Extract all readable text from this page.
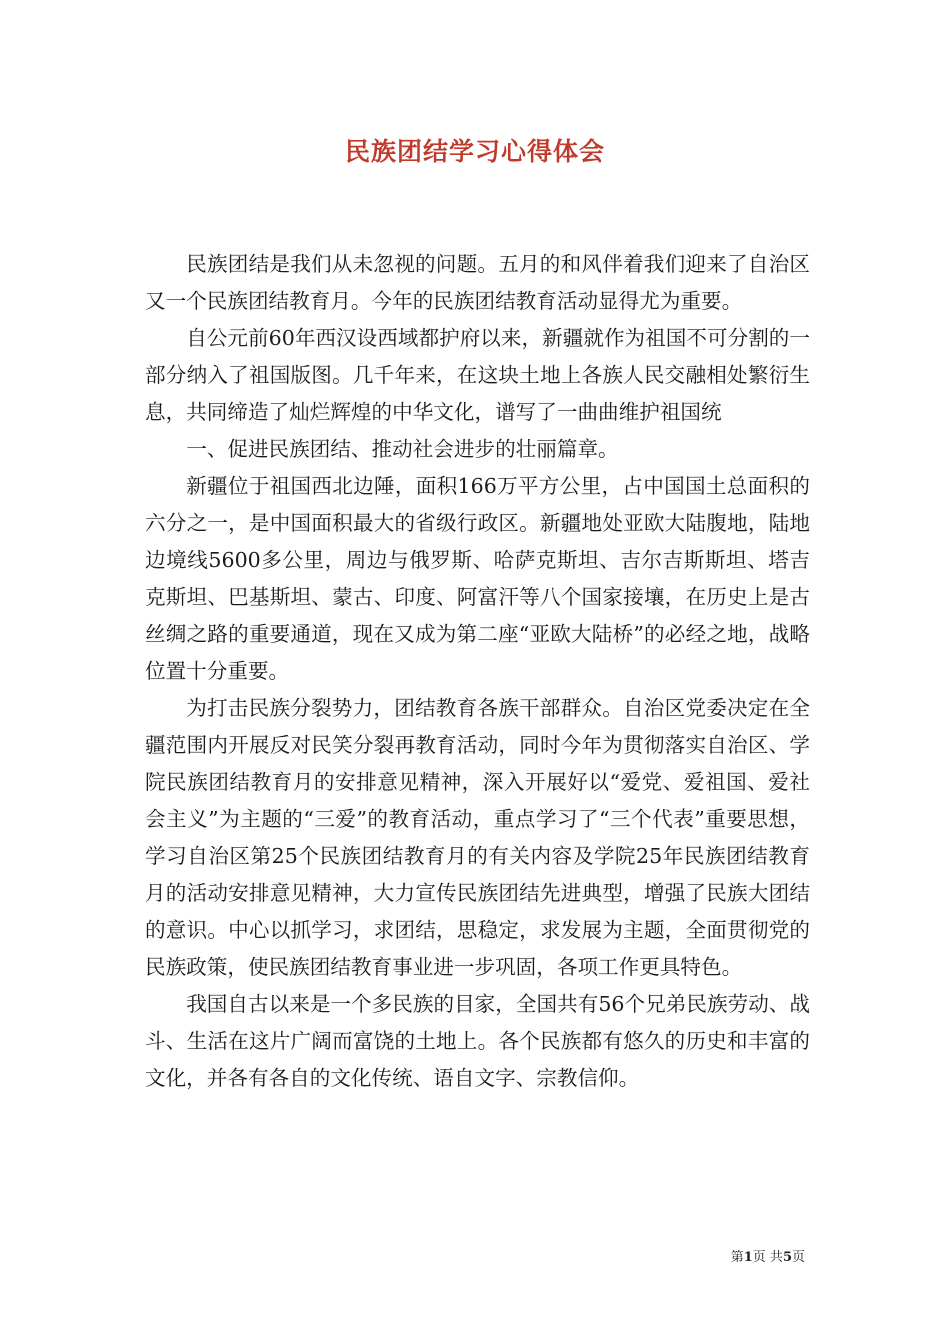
民族团结学习心得体会

民族团结是我们从未忽视的问题。五月的和风伴着我们迎来了自治区又一个民族团结教育月。今年的民族团结教育活动显得尤为重要。

自公元前60年西汉设西域都护府以来，新疆就作为祖国不可分割的一部分纳入了祖国版图。几千年来，在这块土地上各族人民交融相处繁衍生息，共同缔造了灿烂辉煌的中华文化，谱写了一曲曲维护祖国统

一、促进民族团结、推动社会进步的壮丽篇章。

新疆位于祖国西北边陲，面积166万平方公里，占中国国土总面积的六分之一，是中国面积最大的省级行政区。新疆地处亚欧大陆腹地，陆地边境线5600多公里，周边与俄罗斯、哈萨克斯坦、吉尔吉斯斯坦、塔吉克斯坦、巴基斯坦、蒙古、印度、阿富汗等八个国家接壤，在历史上是古丝绸之路的重要通道，现在又成为第二座“亚欧大陆桥”的必经之地，战略位置十分重要。

为打击民族分裂势力，团结教育各族干部群众。自治区党委决定在全疆范围内开展反对民笑分裂再教育活动，同时今年为贯彻落实自治区、学院民族团结教育月的安排意见精神，深入开展好以“爱党、爱祖国、爱社会主义”为主题的“三爱”的教育活动，重点学习了“三个代表”重要思想，学习自治区第25个民族团结教育月的有关内容及学院25年民族团结教育月的活动安排意见精神，大力宣传民族团结先进典型，增强了民族大团结的意识。中心以抓学习，求团结，思稳定，求发展为主题，全面贯彻党的民族政策，使民族团结教育事业进一步巩固，各项工作更具特色。

我国自古以来是一个多民族的目家，全国共有56个兄弟民族劳动、战斗、生活在这片广阔而富饶的土地上。各个民族都有悠久的历史和丰富的文化，并各有各自的文化传统、语自文字、宗教信仰。

第1页 共5页
